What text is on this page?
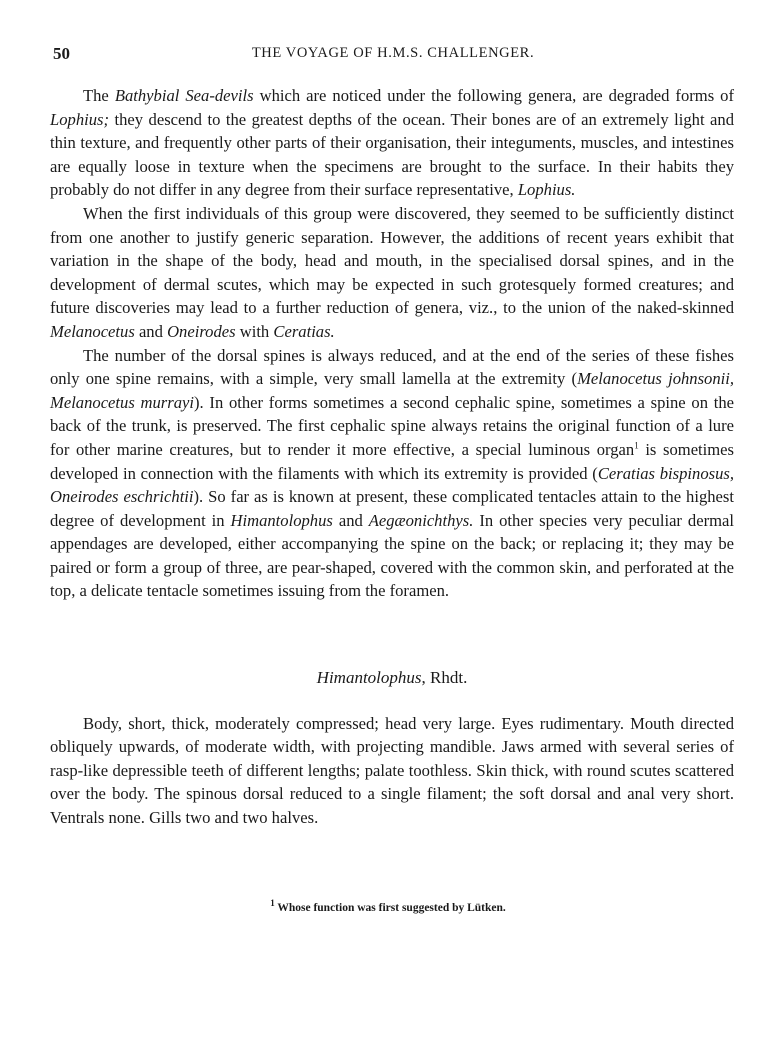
50	THE VOYAGE OF H.M.S. CHALLENGER.

The Bathybial Sea-devils which are noticed under the following genera, are degraded forms of Lophius; they descend to the greatest depths of the ocean. Their bones are of an extremely light and thin texture, and frequently other parts of their organisation, their integuments, muscles, and intestines are equally loose in texture when the specimens are brought to the surface. In their habits they probably do not differ in any degree from their surface representative, Lophius.

When the first individuals of this group were discovered, they seemed to be sufficiently distinct from one another to justify generic separation. However, the additions of recent years exhibit that variation in the shape of the body, head and mouth, in the specialised dorsal spines, and in the development of dermal scutes, which may be expected in such grotesquely formed creatures; and future discoveries may lead to a further reduction of genera, viz., to the union of the naked-skinned Melanocetus and Oneirodes with Ceratias.

The number of the dorsal spines is always reduced, and at the end of the series of these fishes only one spine remains, with a simple, very small lamella at the extremity (Melanocetus johnsonii, Melanocetus murrayi). In other forms sometimes a second cephalic spine, sometimes a spine on the back of the trunk, is preserved. The first cephalic spine always retains the original function of a lure for other marine creatures, but to render it more effective, a special luminous organ$^1$ is sometimes developed in connection with the filaments with which its extremity is provided (Ceratias bispinosus, Oneirodes eschrichtii). So far as is known at present, these complicated tentacles attain to the highest degree of development in Himantolophus and Aegæonichthys. In other species very peculiar dermal appendages are developed, either accompanying the spine on the back; or replacing it; they may be paired or form a group of three, are pear-shaped, covered with the common skin, and perforated at the top, a delicate tentacle sometimes issuing from the foramen.

Himantolophus, Rhdt.

Body, short, thick, moderately compressed; head very large. Eyes rudimentary. Mouth directed obliquely upwards, of moderate width, with projecting mandible. Jaws armed with several series of rasp-like depressible teeth of different lengths; palate toothless. Skin thick, with round scutes scattered over the body. The spinous dorsal reduced to a single filament; the soft dorsal and anal very short. Ventrals none. Gills two and two halves.

$^1$ Whose function was first suggested by Lütken.
